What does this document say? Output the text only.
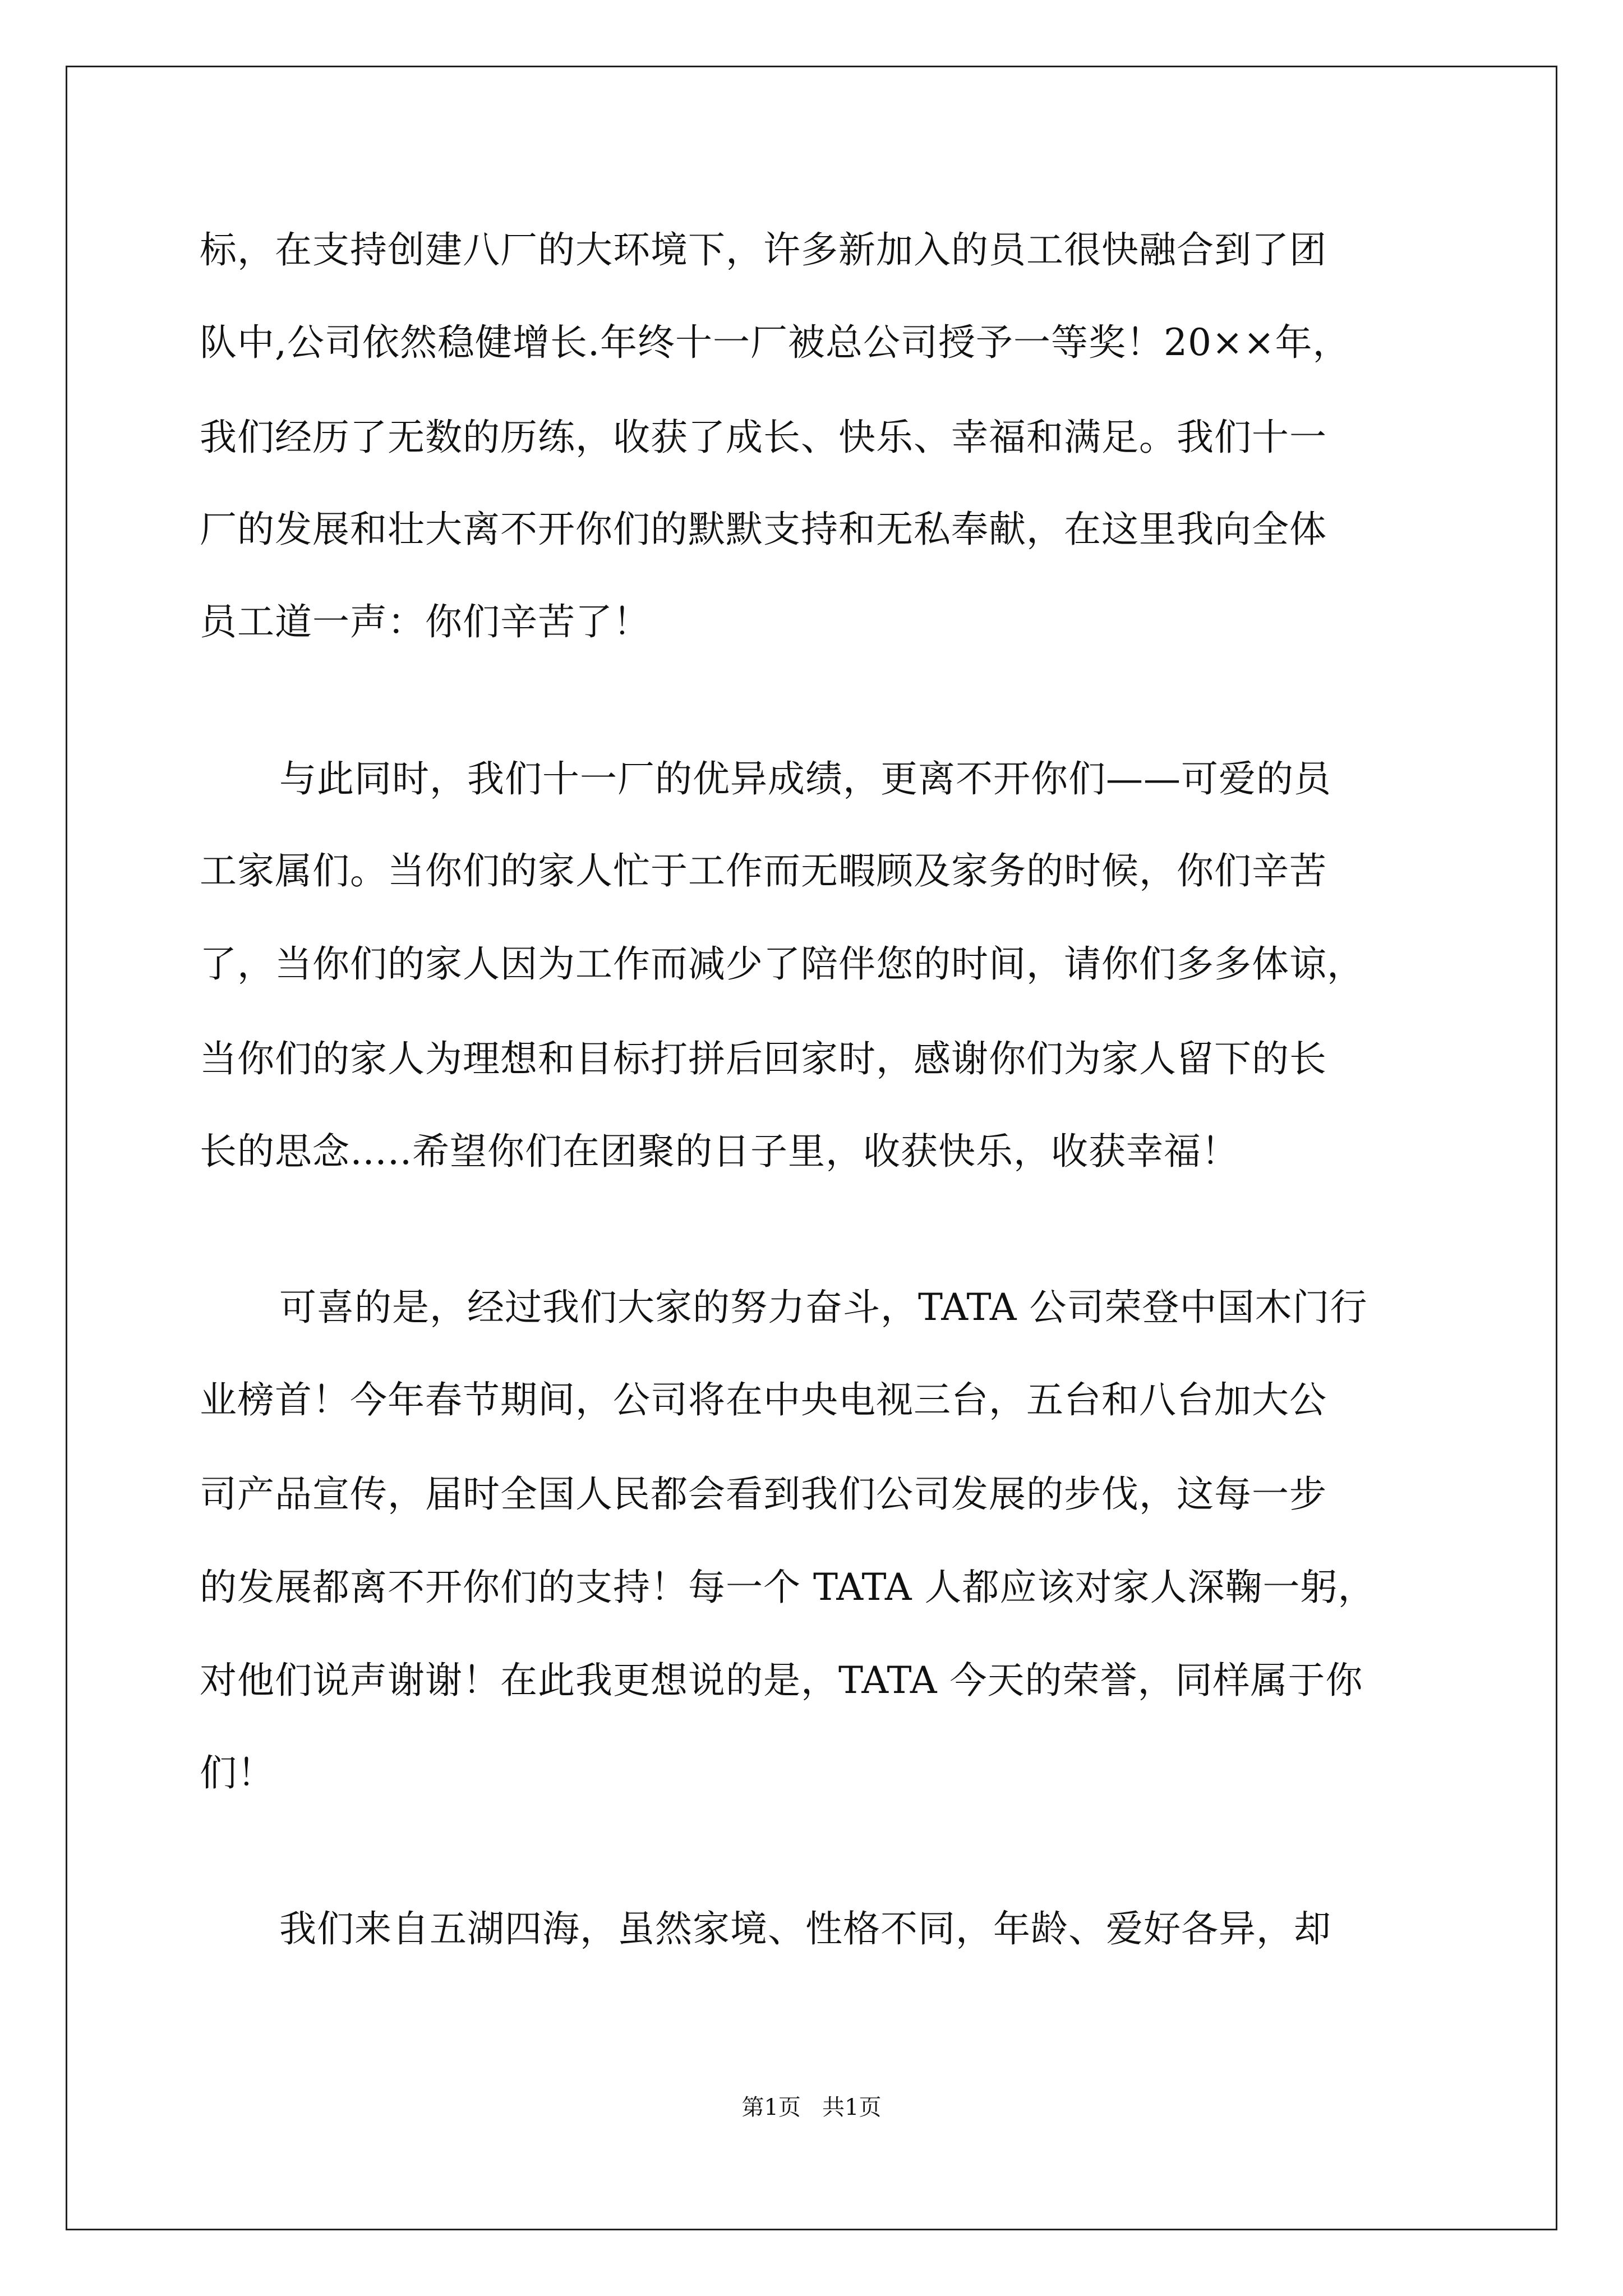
标，在支持创建八厂的大环境下，许多新加入的员工很快融合到了团
队中,公司依然稳健增长.年终十一厂被总公司授予一等奖！20××年，
我们经历了无数的历练，收获了成长、快乐、幸福和满足。我们十一
厂的发展和壮大离不开你们的默默支持和无私奉献，在这里我向全体
员工道一声：你们辛苦了！
与此同时，我们十一厂的优异成绩，更离不开你们——可爱的员
工家属们。当你们的家人忙于工作而无暇顾及家务的时候，你们辛苦
了，当你们的家人因为工作而减少了陪伴您的时间，请你们多多体谅，
当你们的家人为理想和目标打拼后回家时，感谢你们为家人留下的长
长的思念…..希望你们在团聚的日子里，收获快乐，收获幸福！
可喜的是，经过我们大家的努力奋斗，TATA 公司荣登中国木门行
业榜首！今年春节期间，公司将在中央电视三台，五台和八台加大公
司产品宣传，届时全国人民都会看到我们公司发展的步伐，这每一步
的发展都离不开你们的支持！每一个 TATA 人都应该对家人深鞠一躬，
对他们说声谢谢！在此我更想说的是，TATA 今天的荣誉，同样属于你
们！
我们来自五湖四海，虽然家境、性格不同，年龄、爱好各异，却
第1页   共1页
